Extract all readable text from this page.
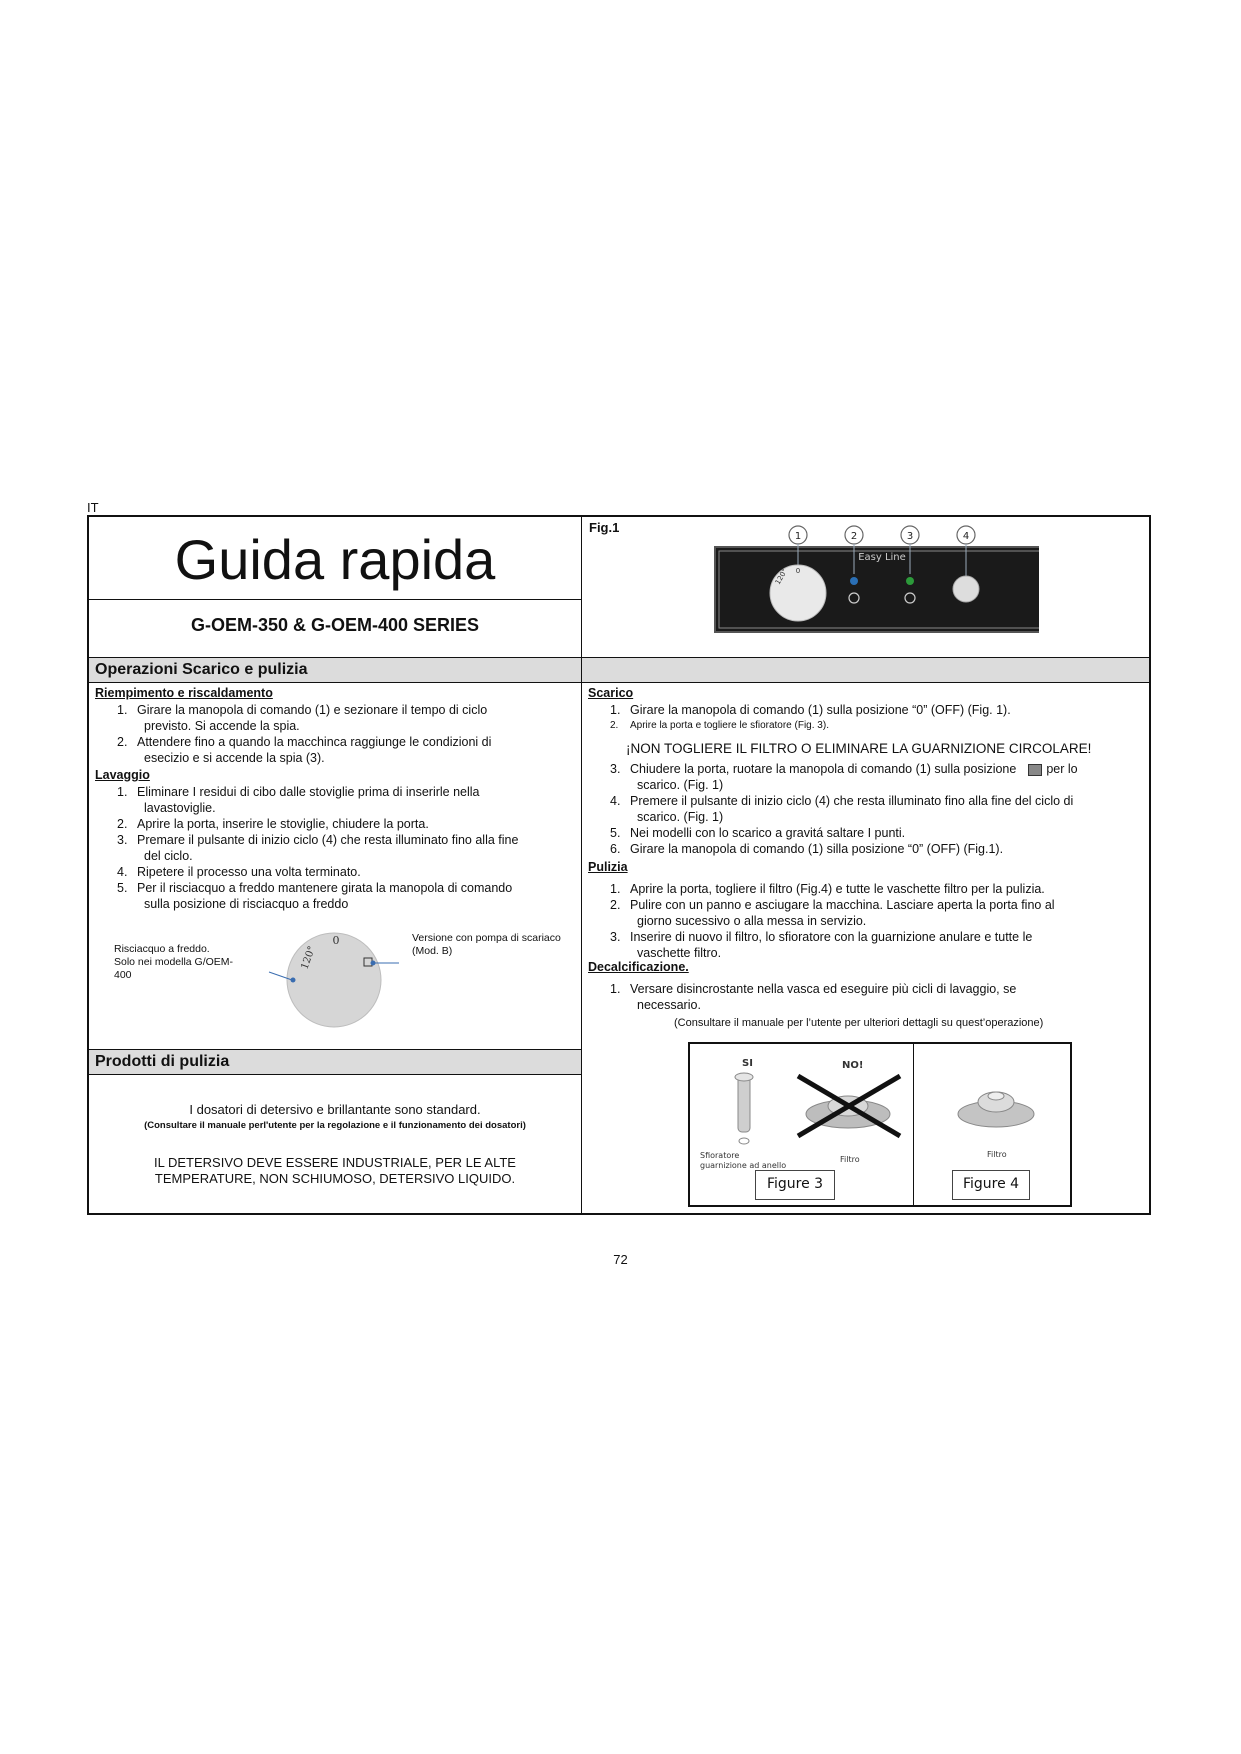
IT
Guida rapida
G-OEM-350 & G-OEM-400 SERIES
Fig.1
1	2	3	4
Easy Line
120° 0
Operazioni Scarico e pulizia
Riempimento e riscaldamento
1. Girare la manopola di comando (1) e sezionare il tempo di ciclo
previsto. Si accende la spia.
2. Attendere fino a quando la macchinca raggiunge le condizioni di
esecizio e si accende la spia (3).
Lavaggio
1. Eliminare I residui di cibo dalle stoviglie prima di inserirle nella
lavastoviglie.
2. Aprire la porta, inserire le stoviglie, chiudere la porta.
3. Premare il pulsante di inizio ciclo (4) che resta illuminato fino alla fine
del ciclo.
4. Ripetere il processo una volta terminato.
5. Per il risciacquo a freddo mantenere girata la manopola di comando
sulla posizione di risciacquo a freddo
Risciacquo a freddo.
Solo nei modella G/OEM-
400
0
120°
Versione con pompa di scariaco
(Mod. B)
Prodotti di pulizia
I dosatori di detersivo e brillantante sono standard.
(Consultare il manuale perl'utente per la regolazione e il funzionamento dei dosatori)
IL DETERSIVO DEVE ESSERE INDUSTRIALE, PER LE ALTE
TEMPERATURE, NON SCHIUMOSO, DETERSIVO LIQUIDO.
Scarico
1. Girare la manopola di comando (1) sulla posizione “0” (OFF) (Fig. 1).
2. Aprire la porta e togliere le sfioratore (Fig. 3).
¡NON TOGLIERE IL FILTRO O ELIMINARE LA GUARNIZIONE CIRCOLARE!
3. Chiudere la porta, ruotare la manopola di comando (1) sulla posizione per lo
scarico. (Fig. 1)
4. Premere il pulsante di inizio ciclo (4) che resta illuminato fino alla fine del ciclo di
scarico. (Fig. 1)
5. Nei modelli con lo scarico a gravitá saltare I punti.
6. Girare la manopola di comando (1) silla posizione “0” (OFF) (Fig.1).
Pulizia
1. Aprire la porta, togliere il filtro (Fig.4) e tutte le vaschette filtro per la pulizia.
2. Pulire con un panno e asciugare la macchina. Lasciare aperta la porta fino al
giorno sucessivo o alla messa in servizio.
3. Inserire di nuovo il filtro, lo sfioratore con la guarnizione anulare e tutte le
vaschette filtro.
Decalcificazione.
1. Versare disincrostante nella vasca ed eseguire più cicli di lavaggio, se
necessario.
(Consultare il manuale per l’utente per ulteriori dettagli su quest’operazione)
SI	NO!
Sfioratore
guarnizione ad anello
Filtro
Figure 3
Filtro
Figure 4
72
